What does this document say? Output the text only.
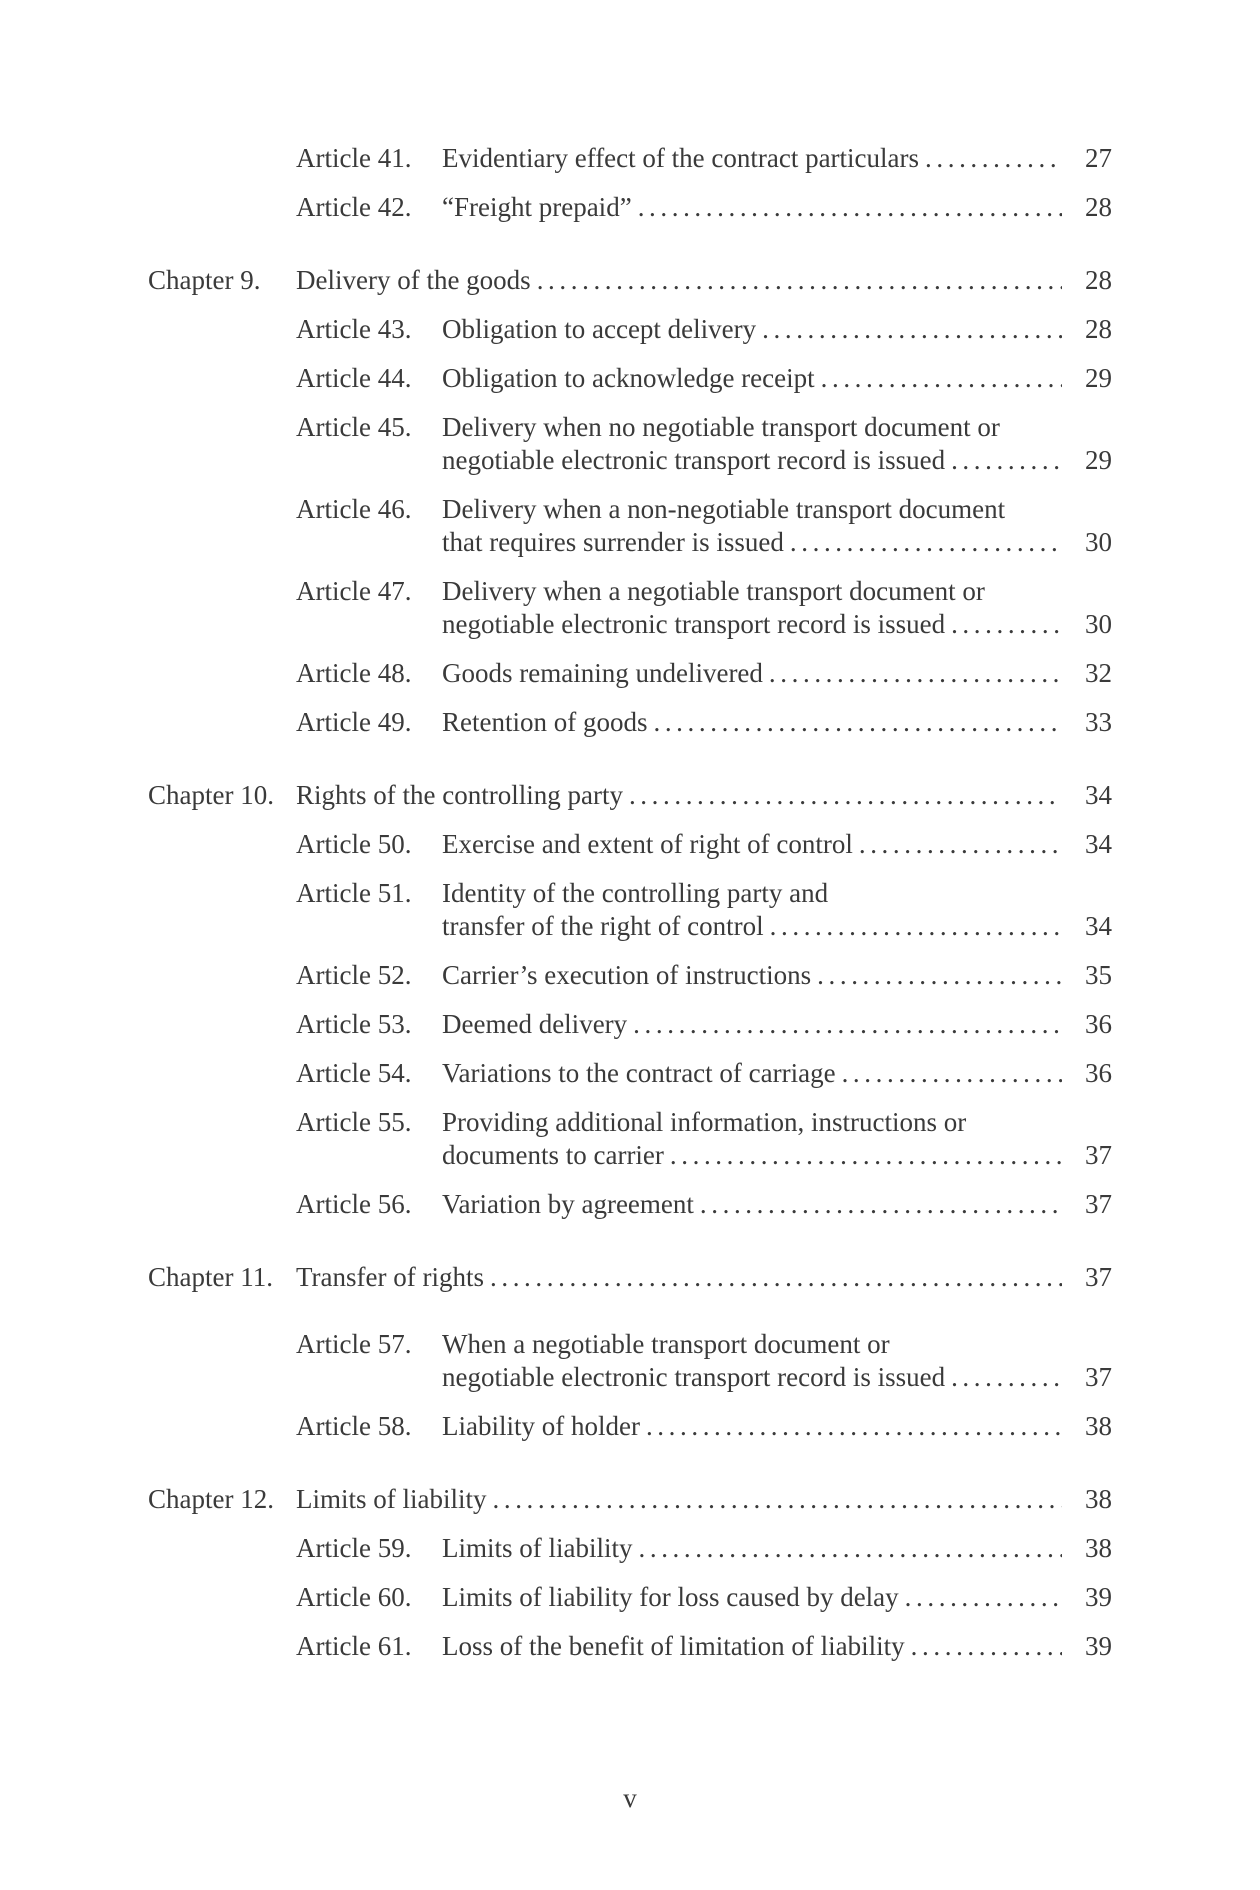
Article 41.	Evidentiary effect of the contract particulars .....	27
Article 42.	“Freight prepaid” .....	28
Chapter 9.	Delivery of the goods .....	28
Article 43.	Obligation to accept delivery .....	28
Article 44.	Obligation to acknowledge receipt .....	29
Article 45.	Delivery when no negotiable transport document or
negotiable electronic transport record is issued .....	29
Article 46.	Delivery when a non-negotiable transport document
that requires surrender is issued .....	30
Article 47.	Delivery when a negotiable transport document or
negotiable electronic transport record is issued .....	30
Article 48.	Goods remaining undelivered .....	32
Article 49.	Retention of goods .....	33
Chapter 10. Rights of the controlling party .....	34
Article 50.	Exercise and extent of right of control .....	34
Article 51.	Identity of the controlling party and
transfer of the right of control .....	34
Article 52.	Carrier’s execution of instructions .....	35
Article 53.	Deemed delivery .....	36
Article 54.	Variations to the contract of carriage .....	36
Article 55.	Providing additional information, instructions or
documents to carrier .....	37
Article 56.	Variation by agreement .....	37
Chapter 11. Transfer of rights .....	37
Article 57.	When a negotiable transport document or
negotiable electronic transport record is issued .....	37
Article 58.	Liability of holder .....	38
Chapter 12. Limits of liability .....	38
Article 59.	Limits of liability .....	38
Article 60.	Limits of liability for loss caused by delay .....	39
Article 61.	Loss of the benefit of limitation of liability .....	39
v
